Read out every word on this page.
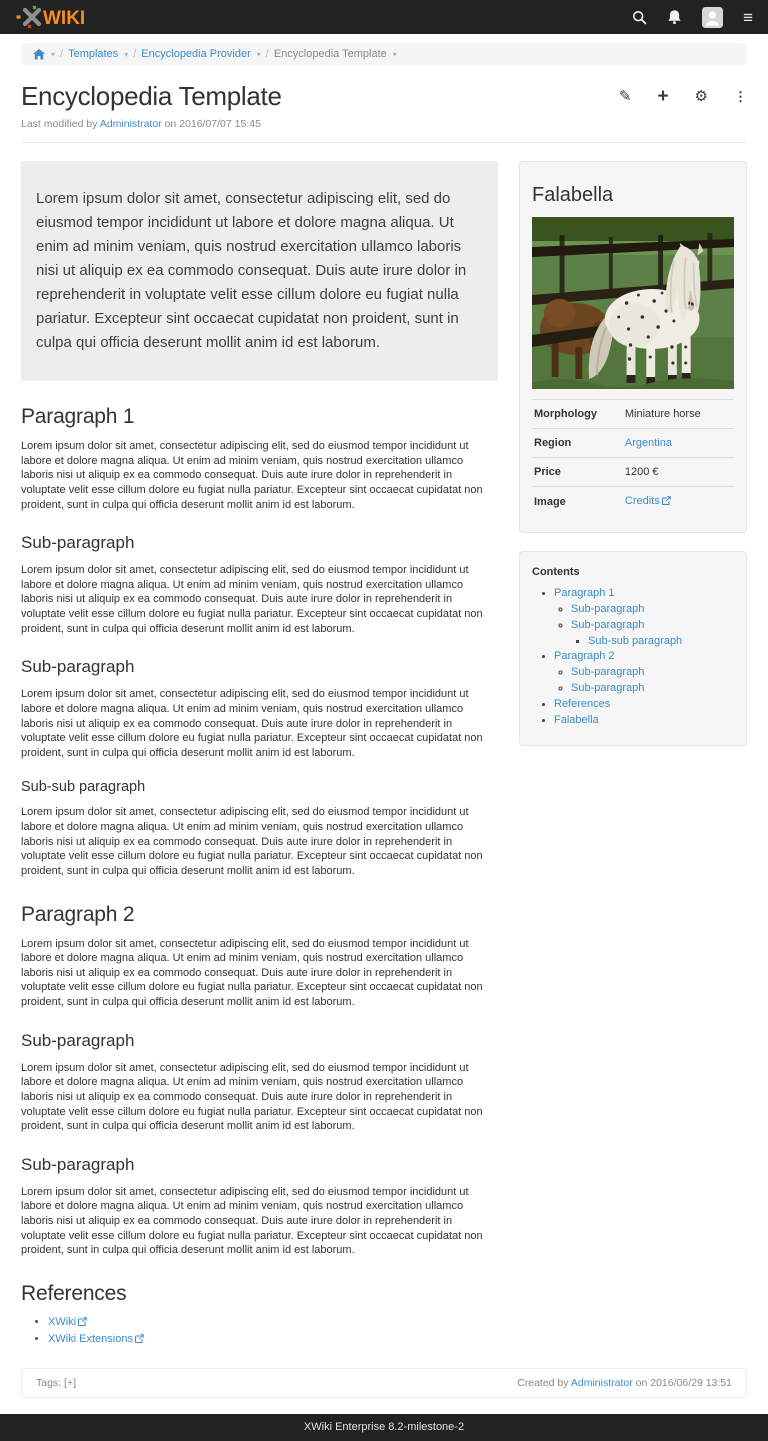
WIKI	≡
▾ / Templates ▾ / Encyclopedia Provider ▾ / Encyclopedia Template ▾
Encyclopedia Template	✎ + ⚙ ⋮
Last modified by Administrator on 2016/07/07 15:45
Lorem ipsum dolor sit amet, consectetur adipiscing elit, sed do eiusmod tempor incididunt ut labore et dolore magna aliqua. Ut enim ad minim veniam, quis nostrud exercitation ullamco laboris nisi ut aliquip ex ea commodo consequat. Duis aute irure dolor in reprehenderit in voluptate velit esse cillum dolore eu fugiat nulla pariatur. Excepteur sint occaecat cupidatat non proident, sunt in culpa qui officia deserunt mollit anim id est laborum.
Paragraph 1

Lorem ipsum dolor sit amet, consectetur adipiscing elit, sed do eiusmod tempor incididunt ut labore et dolore magna aliqua. Ut enim ad minim veniam, quis nostrud exercitation ullamco laboris nisi ut aliquip ex ea commodo consequat. Duis aute irure dolor in reprehenderit in voluptate velit esse cillum dolore eu fugiat nulla pariatur. Excepteur sint occaecat cupidatat non proident, sunt in culpa qui officia deserunt mollit anim id est laborum.

Sub-paragraph

Lorem ipsum dolor sit amet, consectetur adipiscing elit, sed do eiusmod tempor incididunt ut labore et dolore magna aliqua. Ut enim ad minim veniam, quis nostrud exercitation ullamco laboris nisi ut aliquip ex ea commodo consequat. Duis aute irure dolor in reprehenderit in voluptate velit esse cillum dolore eu fugiat nulla pariatur. Excepteur sint occaecat cupidatat non proident, sunt in culpa qui officia deserunt mollit anim id est laborum.

Sub-paragraph

Lorem ipsum dolor sit amet, consectetur adipiscing elit, sed do eiusmod tempor incididunt ut labore et dolore magna aliqua. Ut enim ad minim veniam, quis nostrud exercitation ullamco laboris nisi ut aliquip ex ea commodo consequat. Duis aute irure dolor in reprehenderit in voluptate velit esse cillum dolore eu fugiat nulla pariatur. Excepteur sint occaecat cupidatat non proident, sunt in culpa qui officia deserunt mollit anim id est laborum.

Sub-sub paragraph

Lorem ipsum dolor sit amet, consectetur adipiscing elit, sed do eiusmod tempor incididunt ut labore et dolore magna aliqua. Ut enim ad minim veniam, quis nostrud exercitation ullamco laboris nisi ut aliquip ex ea commodo consequat. Duis aute irure dolor in reprehenderit in voluptate velit esse cillum dolore eu fugiat nulla pariatur. Excepteur sint occaecat cupidatat non proident, sunt in culpa qui officia deserunt mollit anim id est laborum.

Paragraph 2

Lorem ipsum dolor sit amet, consectetur adipiscing elit, sed do eiusmod tempor incididunt ut labore et dolore magna aliqua. Ut enim ad minim veniam, quis nostrud exercitation ullamco laboris nisi ut aliquip ex ea commodo consequat. Duis aute irure dolor in reprehenderit in voluptate velit esse cillum dolore eu fugiat nulla pariatur. Excepteur sint occaecat cupidatat non proident, sunt in culpa qui officia deserunt mollit anim id est laborum.

Sub-paragraph

Lorem ipsum dolor sit amet, consectetur adipiscing elit, sed do eiusmod tempor incididunt ut labore et dolore magna aliqua. Ut enim ad minim veniam, quis nostrud exercitation ullamco laboris nisi ut aliquip ex ea commodo consequat. Duis aute irure dolor in reprehenderit in voluptate velit esse cillum dolore eu fugiat nulla pariatur. Excepteur sint occaecat cupidatat non proident, sunt in culpa qui officia deserunt mollit anim id est laborum.

Sub-paragraph

Lorem ipsum dolor sit amet, consectetur adipiscing elit, sed do eiusmod tempor incididunt ut labore et dolore magna aliqua. Ut enim ad minim veniam, quis nostrud exercitation ullamco laboris nisi ut aliquip ex ea commodo consequat. Duis aute irure dolor in reprehenderit in voluptate velit esse cillum dolore eu fugiat nulla pariatur. Excepteur sint occaecat cupidatat non proident, sunt in culpa qui officia deserunt mollit anim id est laborum.

References
• XWiki
• XWiki Extensions
Falabella
Morphology	Miniature horse
Region	Argentina
Price	1200 €
Image	Credits
Contents
• Paragraph 1
◦ Sub-paragraph
◦ Sub-paragraph
▪ Sub-sub paragraph
• Paragraph 2
◦ Sub-paragraph
◦ Sub-paragraph
• References
• Falabella
Tags: [+]	Created by Administrator on 2016/06/29 13:51
XWiki Enterprise 8.2-milestone-2
